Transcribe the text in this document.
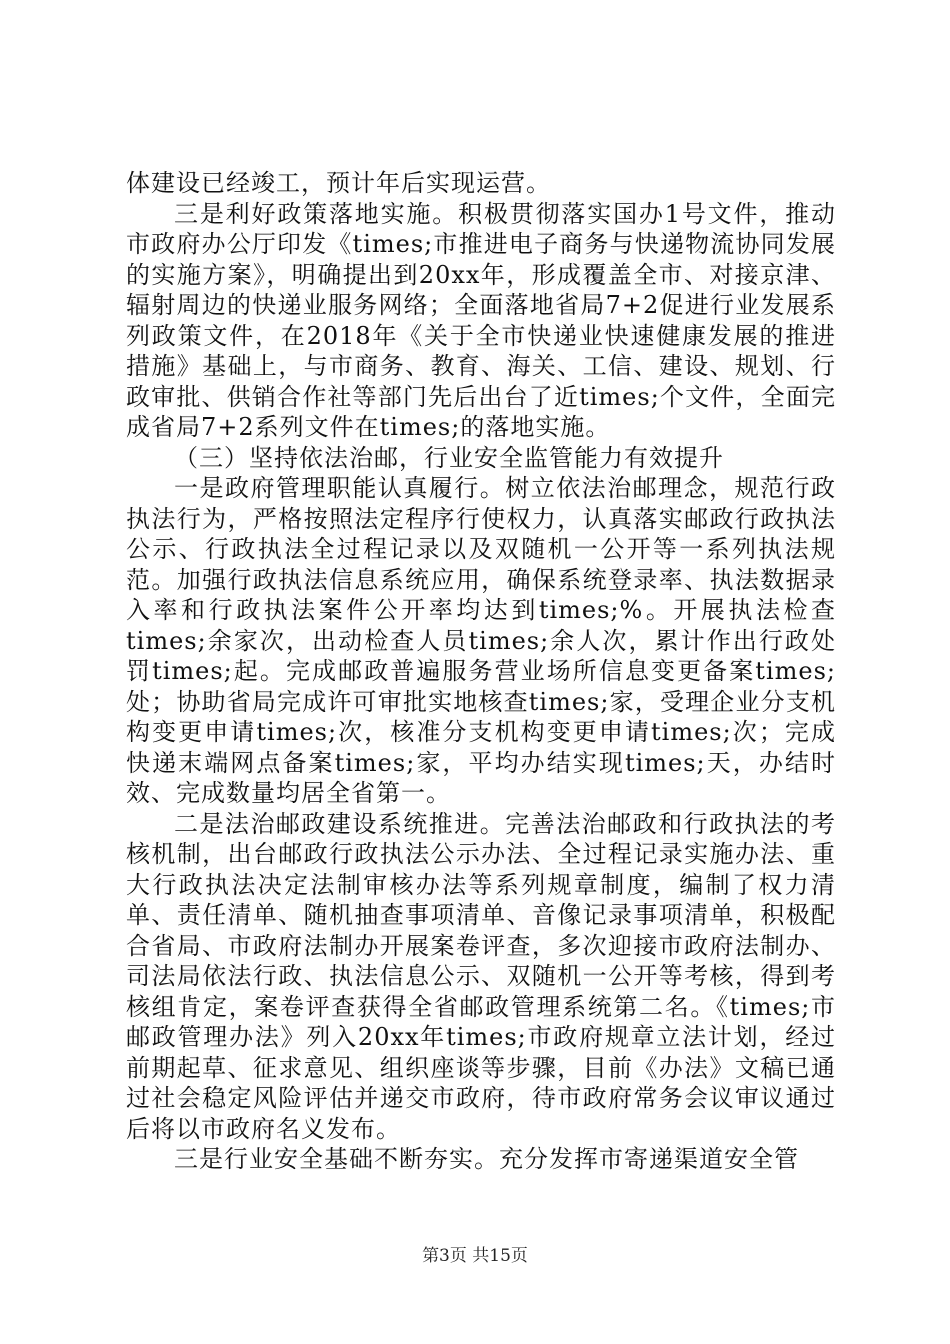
体建设已经竣工，预计年后实现运营。

三是利好政策落地实施。积极贯彻落实国办1号文件，推动市政府办公厅印发《times;市推进电子商务与快递物流协同发展的实施方案》，明确提出到20xx年，形成覆盖全市、对接京津、辐射周边的快递业服务网络；全面落地省局7+2促进行业发展系列政策文件，在2018年《关于全市快递业快速健康发展的推进措施》基础上，与市商务、教育、海关、工信、建设、规划、行政审批、供销合作社等部门先后出台了近times;个文件，全面完成省局7+2系列文件在times;的落地实施。

（三）坚持依法治邮，行业安全监管能力有效提升

一是政府管理职能认真履行。树立依法治邮理念，规范行政执法行为，严格按照法定程序行使权力，认真落实邮政行政执法公示、行政执法全过程记录以及双随机一公开等一系列执法规范。加强行政执法信息系统应用，确保系统登录率、执法数据录入率和行政执法案件公开率均达到times;%。开展执法检查times;余家次，出动检查人员times;余人次，累计作出行政处罚times;起。完成邮政普遍服务营业场所信息变更备案times;处；协助省局完成许可审批实地核查times;家，受理企业分支机构变更申请times;次，核准分支机构变更申请times;次；完成快递末端网点备案times;家，平均办结实现times;天，办结时效、完成数量均居全省第一。

二是法治邮政建设系统推进。完善法治邮政和行政执法的考核机制，出台邮政行政执法公示办法、全过程记录实施办法、重大行政执法决定法制审核办法等系列规章制度，编制了权力清单、责任清单、随机抽查事项清单、音像记录事项清单，积极配合省局、市政府法制办开展案卷评查，多次迎接市政府法制办、司法局依法行政、执法信息公示、双随机一公开等考核，得到考核组肯定，案卷评查获得全省邮政管理系统第二名。《times;市邮政管理办法》列入20xx年times;市政府规章立法计划，经过前期起草、征求意见、组织座谈等步骤，目前《办法》文稿已通过社会稳定风险评估并递交市政府，待市政府常务会议审议通过后将以市政府名义发布。

三是行业安全基础不断夯实。充分发挥市寄递渠道安全管

第3页 共15页
